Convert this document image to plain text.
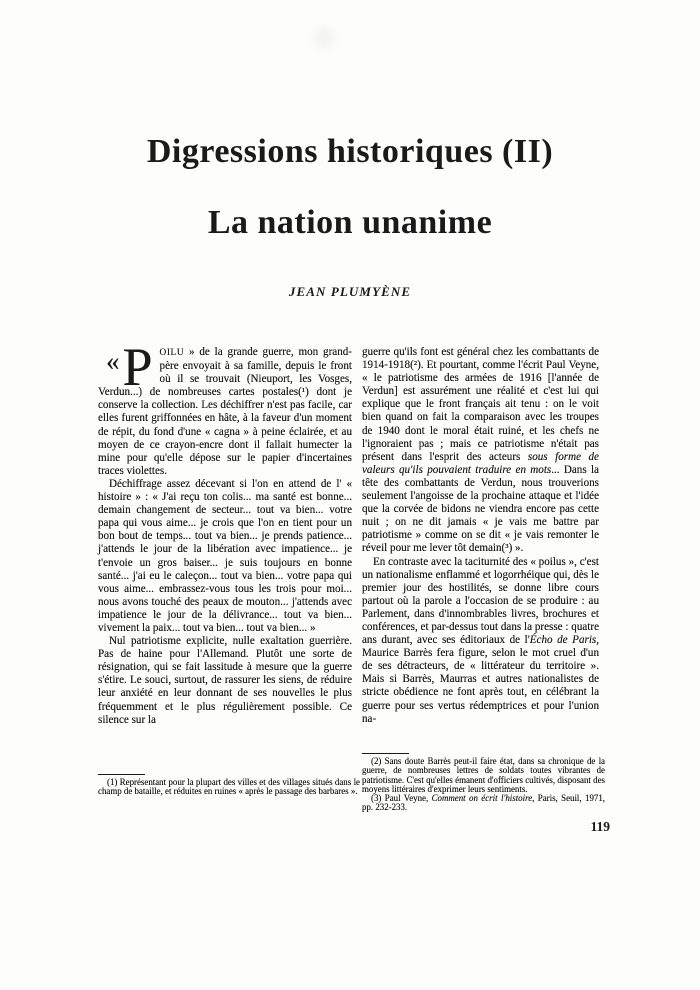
Digressions historiques (II)
La nation unanime
JEAN PLUMYÈNE

«P OILU » de la grande guerre, mon grand-père envoyait à sa famille, depuis le front où il se trouvait (Nieuport, les Vosges, Verdun...) de nombreuses cartes postales(¹) dont je conserve la collection. Les déchiffrer n'est pas facile, car elles furent griffonnées en hâte, à la faveur d'un moment de répit, du fond d'une « cagna » à peine éclairée, et au moyen de ce crayon-encre dont il fallait humecter la mine pour qu'elle dépose sur le papier d'incertaines traces violettes.

Déchiffrage assez décevant si l'on en attend de l' « histoire » : « J'ai reçu ton colis... ma santé est bonne... demain changement de secteur... tout va bien... votre papa qui vous aime... je crois que l'on en tient pour un bon bout de temps... tout va bien... je prends patience... j'attends le jour de la libération avec impatience... je t'envoie un gros baiser... je suis toujours en bonne santé... j'ai eu le caleçon... tout va bien... votre papa qui vous aime... embrassez-vous tous les trois pour moi... nous avons touché des peaux de mouton... j'attends avec impatience le jour de la délivrance... tout va bien... vivement la paix... tout va bien... tout va bien... »

Nul patriotisme explicite, nulle exaltation guerrière. Pas de haine pour l'Allemand. Plutôt une sorte de résignation, qui se fait lassitude à mesure que la guerre s'étire. Le souci, surtout, de rassurer les siens, de réduire leur anxiété en leur donnant de ses nouvelles le plus fréquemment et le plus régulièrement possible. Ce silence sur la

guerre qu'ils font est général chez les combattants de 1914-1918(²). Et pourtant, comme l'écrit Paul Veyne, « le patriotisme des armées de 1916 [l'année de Verdun] est assurément une réalité et c'est lui qui explique que le front français ait tenu : on le voit bien quand on fait la comparaison avec les troupes de 1940 dont le moral était ruiné, et les chefs ne l'ignoraient pas ; mais ce patriotisme n'était pas présent dans l'esprit des acteurs sous forme de valeurs qu'ils pouvaient traduire en mots... Dans la tête des combattants de Verdun, nous trouverions seulement l'angoisse de la prochaine attaque et l'idée que la corvée de bidons ne viendra encore pas cette nuit ; on ne dit jamais « je vais me battre par patriotisme » comme on se dit « je vais remonter le réveil pour me lever tôt demain(³) ».

En contraste avec la taciturnité des « poilus », c'est un nationalisme enflammé et logorrhéique qui, dès le premier jour des hostilités, se donne libre cours partout où la parole a l'occasion de se produire : au Parlement, dans d'innombrables livres, brochures et conférences, et par-dessus tout dans la presse : quatre ans durant, avec ses éditoriaux de l'Écho de Paris, Maurice Barrès fera figure, selon le mot cruel d'un de ses détracteurs, de « littérateur du territoire ». Mais si Barrès, Maurras et autres nationalistes de stricte obédience ne font après tout, en célébrant la guerre pour ses vertus rédemptrices et pour l'union na-

(1) Représentant pour la plupart des villes et des villages situés dans le champ de bataille, et réduites en ruines « après le passage des barbares ».

(2) Sans doute Barrès peut-il faire état, dans sa chronique de la guerre, de nombreuses lettres de soldats toutes vibrantes de patriotisme. C'est qu'elles émanent d'officiers cultivés, disposant des moyens littéraires d'exprimer leurs sentiments.

(3) Paul Veyne, Comment on écrit l'histoire, Paris, Seuil, 1971, pp. 232-233.

119
